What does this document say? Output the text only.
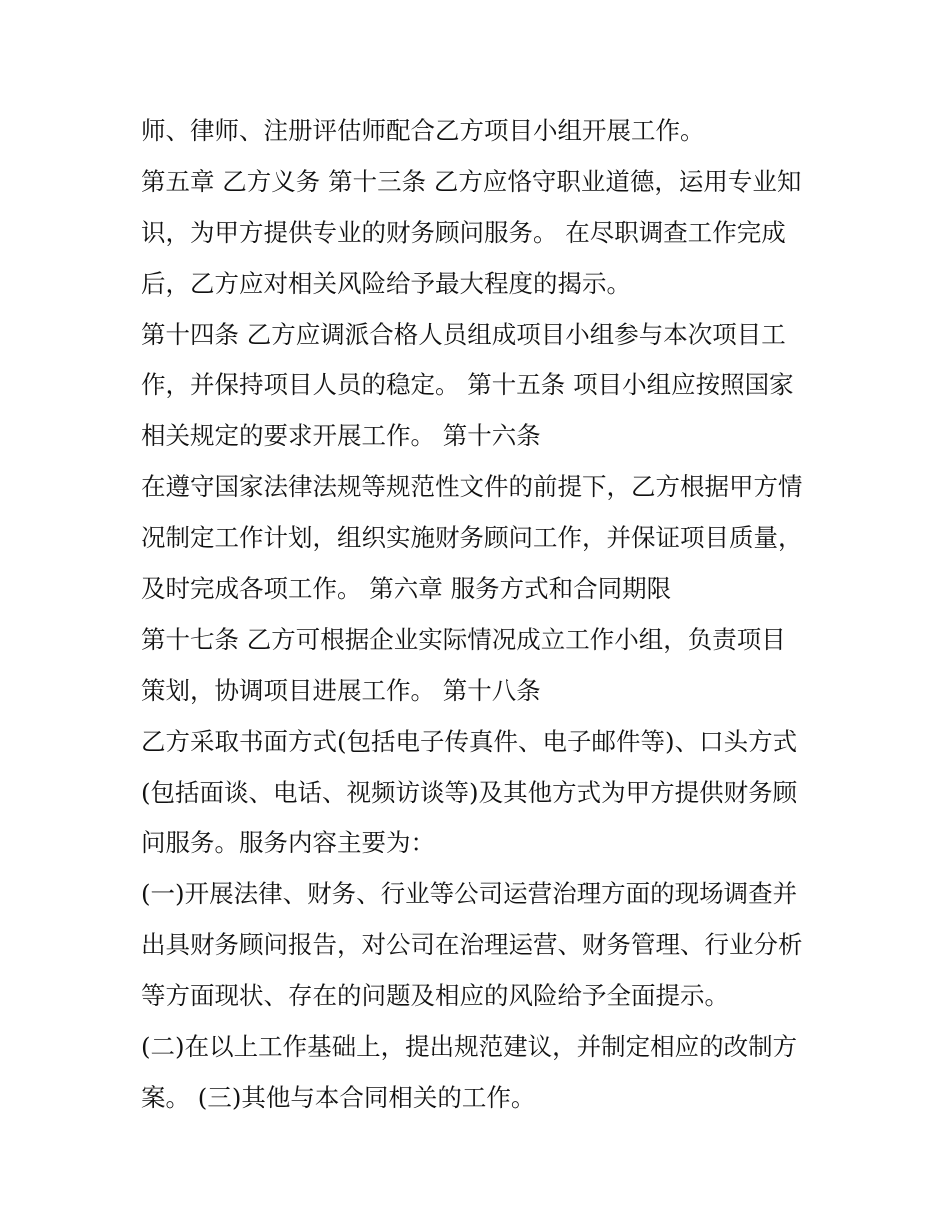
师、律师、注册评估师配合乙方项目小组开展工作。
第五章 乙方义务 第十三条 乙方应恪守职业道德，运用专业知
识，为甲方提供专业的财务顾问服务。 在尽职调查工作完成
后，乙方应对相关风险给予最大程度的揭示。
第十四条 乙方应调派合格人员组成项目小组参与本次项目工
作，并保持项目人员的稳定。 第十五条 项目小组应按照国家
相关规定的要求开展工作。 第十六条
在遵守国家法律法规等规范性文件的前提下，乙方根据甲方情
况制定工作计划，组织实施财务顾问工作，并保证项目质量，
及时完成各项工作。 第六章 服务方式和合同期限
第十七条 乙方可根据企业实际情况成立工作小组，负责项目
策划，协调项目进展工作。 第十八条
乙方采取书面方式(包括电子传真件、电子邮件等)、口头方式
(包括面谈、电话、视频访谈等)及其他方式为甲方提供财务顾
问服务。服务内容主要为：
(一)开展法律、财务、行业等公司运营治理方面的现场调查并
出具财务顾问报告，对公司在治理运营、财务管理、行业分析
等方面现状、存在的问题及相应的风险给予全面提示。
(二)在以上工作基础上，提出规范建议，并制定相应的改制方
案。 (三)其他与本合同相关的工作。
